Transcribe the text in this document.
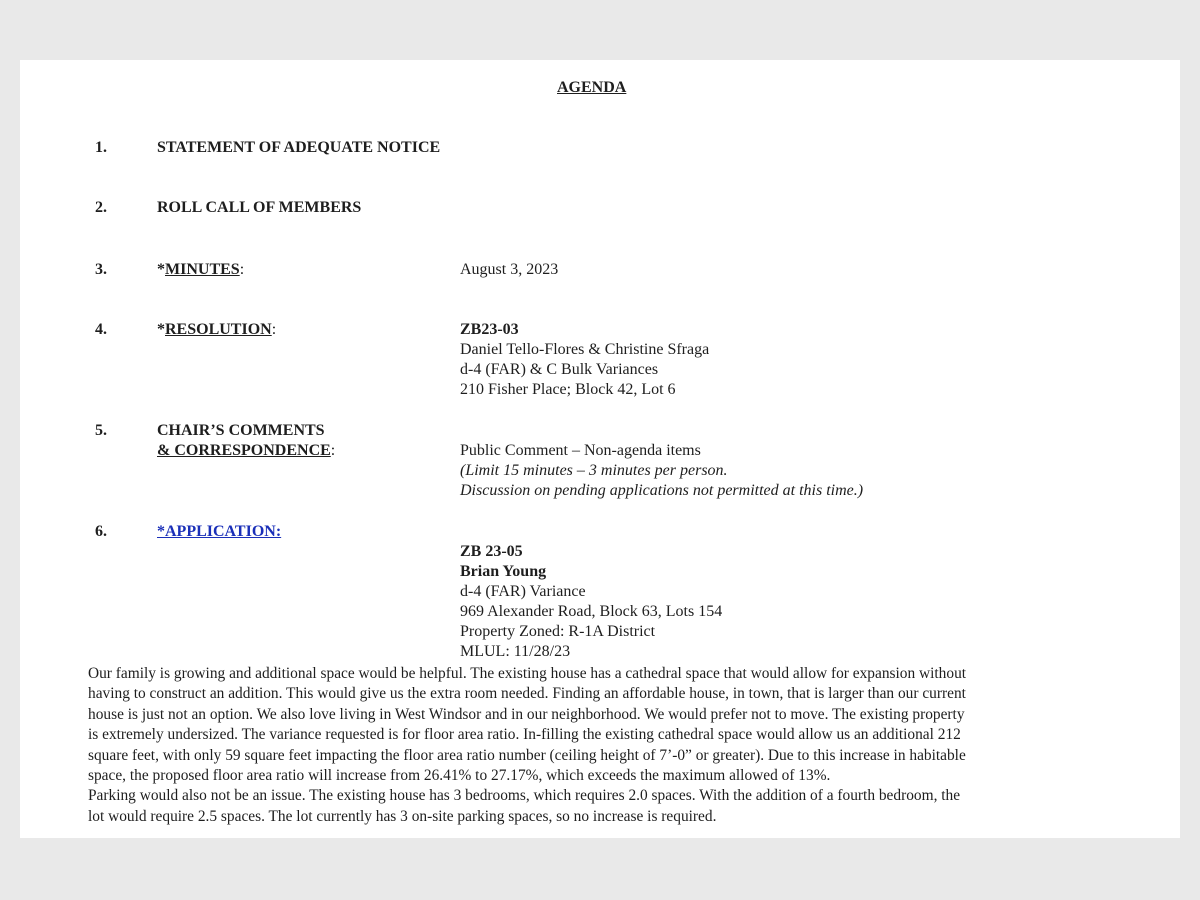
AGENDA
1.	STATEMENT OF ADEQUATE NOTICE
2.	ROLL CALL OF MEMBERS
3.	*MINUTES:	August 3, 2023
4.	*RESOLUTION:	ZB23-03
Daniel Tello-Flores & Christine Sfraga
d-4 (FAR) & C Bulk Variances
210 Fisher Place; Block 42, Lot 6
5.	CHAIR’S COMMENTS
& CORRESPONDENCE:	Public Comment – Non-agenda items
(Limit 15 minutes – 3 minutes per person.
Discussion on pending applications not permitted at this time.)
6.	*APPLICATION:
ZB 23-05
Brian Young
d-4 (FAR) Variance
969 Alexander Road, Block 63, Lots 154
Property Zoned: R-1A District
MLUL: 11/28/23
Our family is growing and additional space would be helpful. The existing house has a cathedral space that would allow for expansion without
having to construct an addition. This would give us the extra room needed. Finding an affordable house, in town, that is larger than our current
house is just not an option. We also love living in West Windsor and in our neighborhood. We would prefer not to move. The existing property
is extremely undersized. The variance requested is for floor area ratio. In-filling the existing cathedral space would allow us an additional 212
square feet, with only 59 square feet impacting the floor area ratio number (ceiling height of 7’-0” or greater). Due to this increase in habitable
space, the proposed floor area ratio will increase from 26.41% to 27.17%, which exceeds the maximum allowed of 13%.
Parking would also not be an issue. The existing house has 3 bedrooms, which requires 2.0 spaces. With the addition of a fourth bedroom, the
lot would require 2.5 spaces. The lot currently has 3 on-site parking spaces, so no increase is required.
